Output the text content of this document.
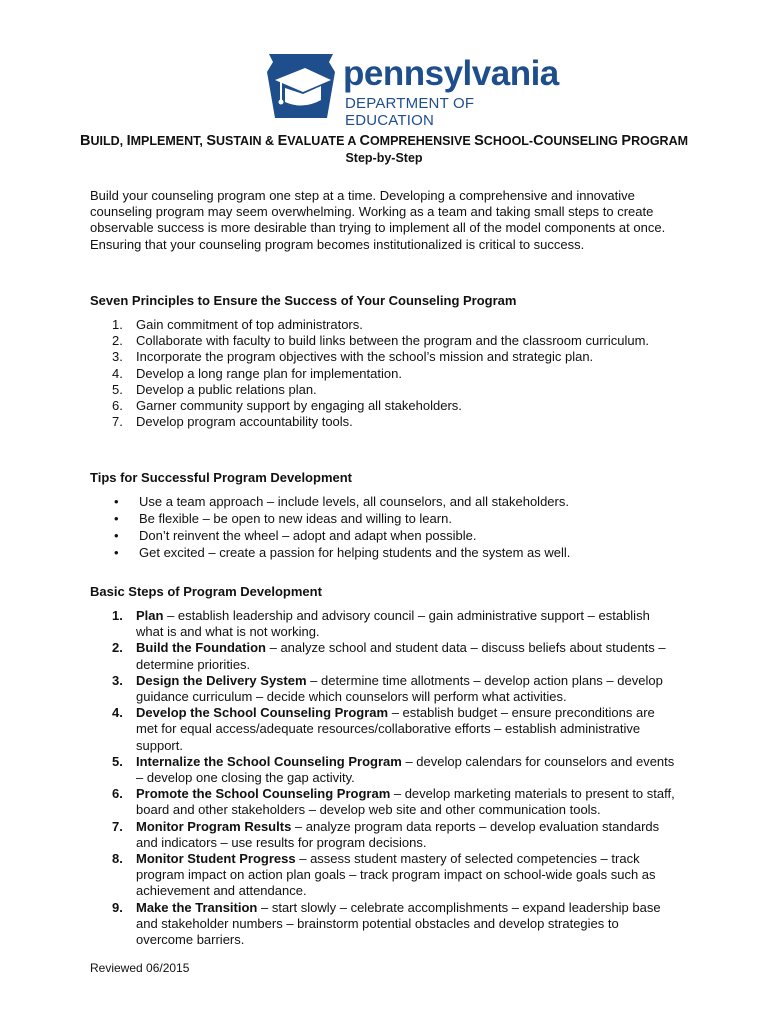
pennsylvania
DEPARTMENT OF EDUCATION
BUILD, IMPLEMENT, SUSTAIN & EVALUATE A COMPREHENSIVE SCHOOL-COUNSELING PROGRAM
Step-by-Step
Build your counseling program one step at a time. Developing a comprehensive and innovative counseling program may seem overwhelming. Working as a team and taking small steps to create observable success is more desirable than trying to implement all of the model components at once. Ensuring that your counseling program becomes institutionalized is critical to success.
Seven Principles to Ensure the Success of Your Counseling Program
1. Gain commitment of top administrators.
2. Collaborate with faculty to build links between the program and the classroom curriculum.
3. Incorporate the program objectives with the school’s mission and strategic plan.
4. Develop a long range plan for implementation.
5. Develop a public relations plan.
6. Garner community support by engaging all stakeholders.
7. Develop program accountability tools.
Tips for Successful Program Development
• Use a team approach – include levels, all counselors, and all stakeholders.
• Be flexible – be open to new ideas and willing to learn.
• Don’t reinvent the wheel – adopt and adapt when possible.
• Get excited – create a passion for helping students and the system as well.
Basic Steps of Program Development
1. Plan – establish leadership and advisory council – gain administrative support – establish what is and what is not working.
2. Build the Foundation – analyze school and student data – discuss beliefs about students – determine priorities.
3. Design the Delivery System – determine time allotments – develop action plans – develop guidance curriculum – decide which counselors will perform what activities.
4. Develop the School Counseling Program – establish budget – ensure preconditions are met for equal access/adequate resources/collaborative efforts – establish administrative support.
5. Internalize the School Counseling Program – develop calendars for counselors and events – develop one closing the gap activity.
6. Promote the School Counseling Program – develop marketing materials to present to staff, board and other stakeholders – develop web site and other communication tools.
7. Monitor Program Results – analyze program data reports – develop evaluation standards and indicators – use results for program decisions.
8. Monitor Student Progress – assess student mastery of selected competencies – track program impact on action plan goals – track program impact on school-wide goals such as achievement and attendance.
9. Make the Transition – start slowly – celebrate accomplishments – expand leadership base and stakeholder numbers – brainstorm potential obstacles and develop strategies to overcome barriers.
Reviewed 06/2015
